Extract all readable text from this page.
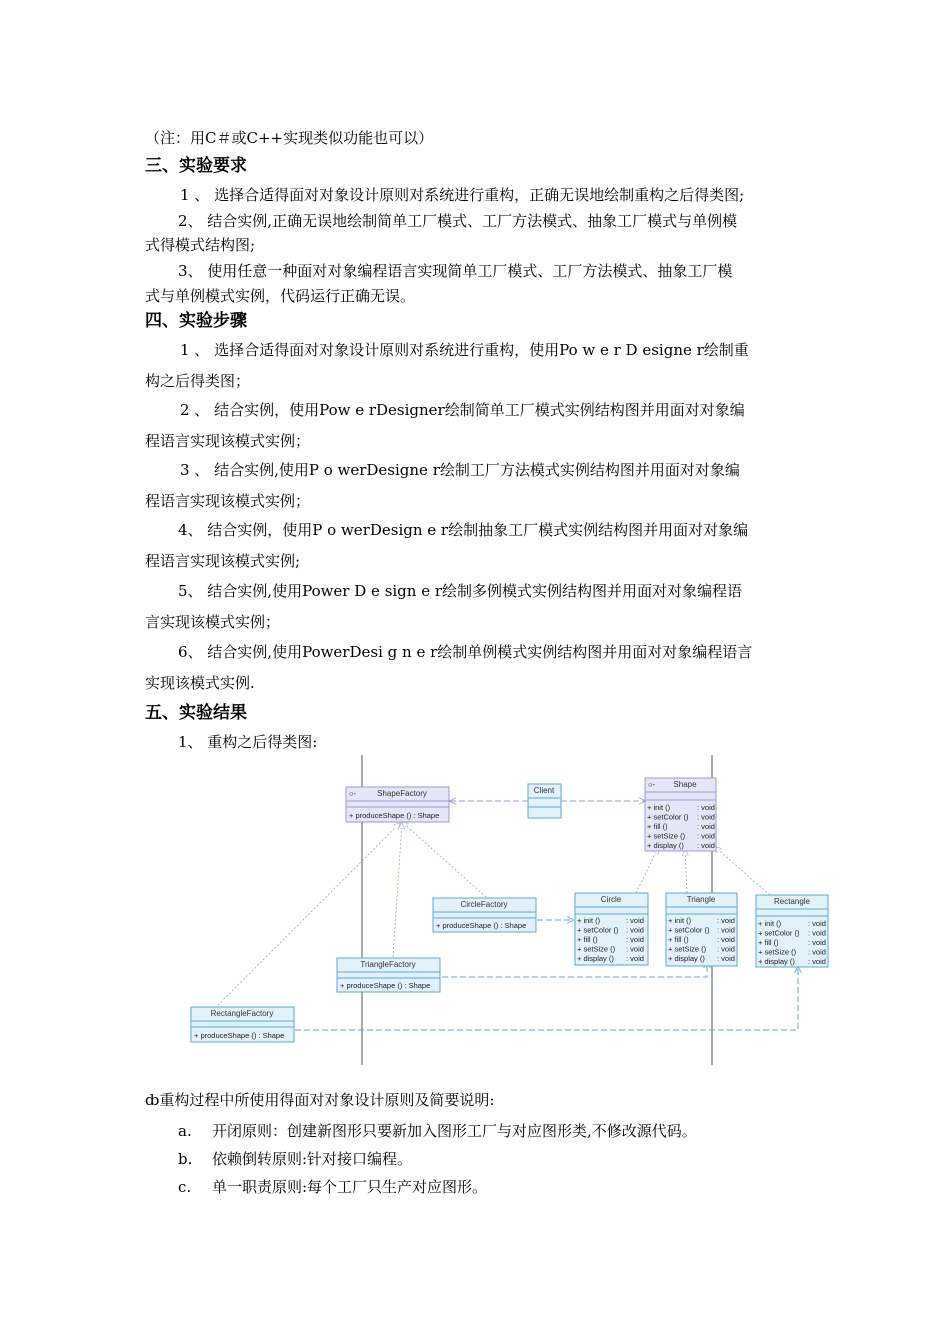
（注：用C＃或C++实现类似功能也可以）
三、实验要求
1 、 选择合适得面对对象设计原则对系统进行重构，正确无误地绘制重构之后得类图;
2、 结合实例,正确无误地绘制简单工厂模式、工厂方法模式、抽象工厂模式与单例模
式得模式结构图;
3、 使用任意一种面对对象编程语言实现简单工厂模式、工厂方法模式、抽象工厂模
式与单例模式实例，代码运行正确无误。
四、实验步骤
1 、 选择合适得面对对象设计原则对系统进行重构，使用Po w e r D esigne r绘制重
构之后得类图；
2 、 结合实例，使用Pow e rDesigner绘制简单工厂模式实例结构图并用面对对象编
程语言实现该模式实例；
3 、 结合实例,使用P o werDesigne r绘制工厂方法模式实例结构图并用面对对象编
程语言实现该模式实例；
4、 结合实例，使用P o werDesign e r绘制抽象工厂模式实例结构图并用面对对象编
程语言实现该模式实例;
5、 结合实例,使用Power D e sign e r绘制多例模式实例结构图并用面对对象编程语
言实现该模式实例；
6、 结合实例,使用PowerDesi g n e r绘制单例模式实例结构图并用面对对象编程语言
实现该模式实例.
五、实验结果
1、 重构之后得类图:
○-	ShapeFactory
+ produceShape () : Shape
Client
○- Shape
+ init ()	: void
+ setColor () : void
+ fill ()	: void
+ setSize () : void
+ display () : void
Circle
+ init ()	: void
+ setColor () : void
+ fill ()	: void
+ setSize () : void
+ display () : void
Triangle
+ init ()	: void
+ setColor () : void
+ fill ()	: void
+ setSize () : void
+ display () : void
Rectangle
+ init ()	: void
+ setColor () : void
+ fill ()	: void
+ setSize () : void
+ display () : void
CircleFactory
+ produceShape () : Shape
TriangleFactory
+ produceShape () : Shape
RectangleFactory
+ produceShape () : Shape
ȸ重构过程中所使用得面对对象设计原则及简要说明:
a. 开闭原则：创建新图形只要新加入图形工厂与对应图形类,不修改源代码。
b. 依赖倒转原则:针对接口编程。
c. 单一职责原则:每个工厂只生产对应图形。
